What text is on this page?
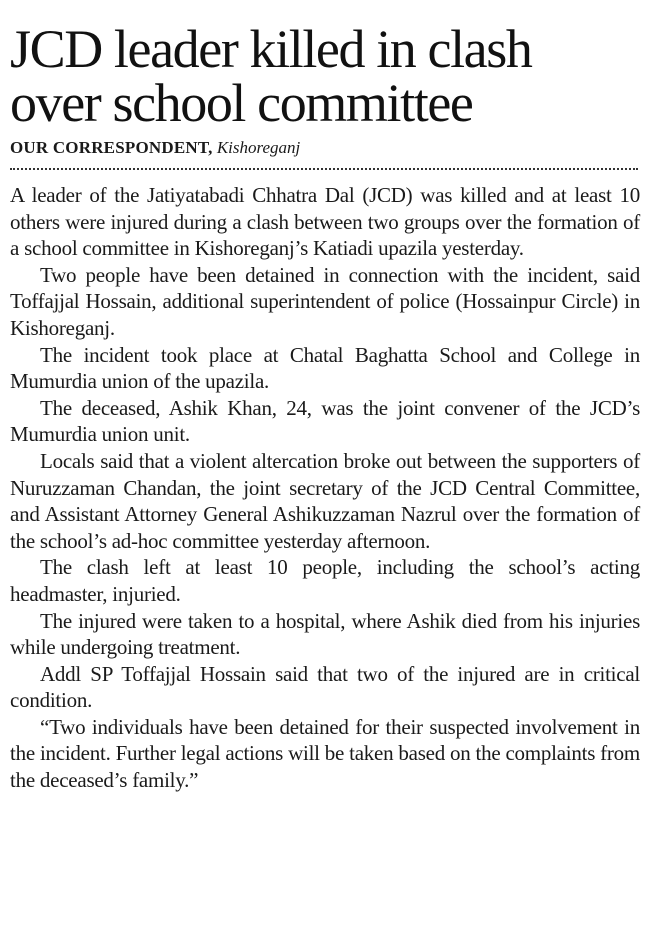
JCD leader killed in clash
over school committee
OUR CORRESPONDENT, Kishoreganj

A leader of the Jatiyatabadi Chhatra Dal (JCD) was killed and at least 10 others were injured during a clash between two groups over the formation of a school committee in Kishoreganj’s Katiadi upazila yesterday.

Two people have been detained in connection with the incident, said Toffajjal Hossain, additional superintendent of police (Hossainpur Circle) in Kishoreganj.

The incident took place at Chatal Baghatta School and College in Mumurdia union of the upazila.

The deceased, Ashik Khan, 24, was the joint convener of the JCD’s Mumurdia union unit.

Locals said that a violent altercation broke out between the supporters of Nuruzzaman Chandan, the joint secretary of the JCD Central Committee, and Assistant Attorney General Ashikuzzaman Nazrul over the formation of the school’s ad-hoc committee yesterday afternoon.

The clash left at least 10 people, including the school’s acting headmaster, injuried.

The injured were taken to a hospital, where Ashik died from his injuries while undergoing treatment.

Addl SP Toffajjal Hossain said that two of the injured are in critical condition.

“Two individuals have been detained for their suspected involvement in the incident. Further legal actions will be taken based on the complaints from the deceased’s family.”
